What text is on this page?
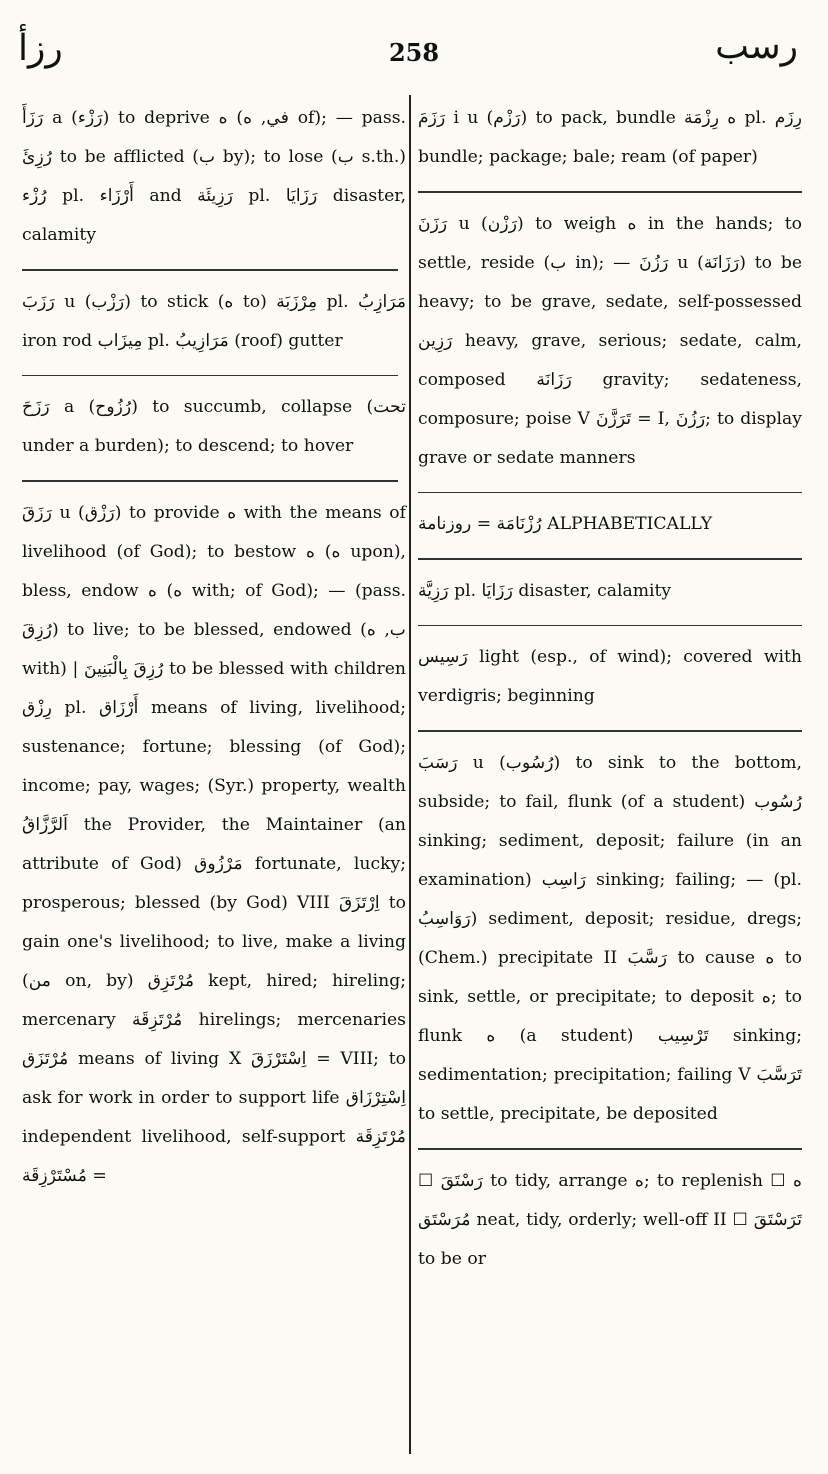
رزأ	258	رسب
رَزَأَ a (رَزْء) to deprive ه (في, ه of); — pass. رُزِئَ to be afflicted (ب by); to lose (ب s.th.) رُزْء pl. أَرْزَاء and رَزِيئَة pl. رَزَايَا disaster, calamity
رَزَبَ u (رَزْب) to stick (ه to) مِرْزَبَة pl. مَرَازِبُ iron rod مِيزَاب pl. مَرَازِيبُ (roof) gutter
رَزَحَ a (رُزُوح) to succumb, collapse (تحت under a burden); to descend; to hover
رَزَقَ u (رَزْق) to provide ه with the means of livelihood (of God); to bestow ه (ه upon), bless, endow ه (ه with; of God); — (pass. رُزِقَ) to live; to be blessed, endowed (ب, ه with) | رُزِقَ بِالْبَنِينَ to be blessed with children رِزْق pl. أَرْزَاق means of living, livelihood; sustenance; fortune; blessing (of God); income; pay, wages; (Syr.) property, wealth اَلرَّزَّاقُ the Provider, the Maintainer (an attribute of God) مَرْزُوق fortunate, lucky; prosperous; blessed (by God) VIII اِرْتَزَقَ to gain one's livelihood; to live, make a living (من on, by) مُرْتَزِق kept, hired; hireling; mercenary مُرْتَزِقَة hirelings; mercenaries مُرْتَزَق means of living X اِسْتَرْزَقَ = VIII; to ask for work in order to support life اِسْتِرْزَاق independent livelihood, self-support مُرْتَزِقَة = مُسْتَرْزِقَة
رَزَمَ i u (رَزْم) to pack, bundle ه رِزْمَة pl. رِزَم bundle; package; bale; ream (of paper)
رَزَنَ u (رَزْن) to weigh ه in the hands; to settle, reside (ب in); — رَزُنَ u (رَزَانَة) to be heavy; to be grave, sedate, self-possessed رَزِين heavy, grave, serious; sedate, calm, composed رَزَانَة gravity; sedateness, composure; poise V تَرَزَّنَ = I, رَزُنَ; to display grave or sedate manners
رُزْنَامَة = روزنامة ALPHABETICALLY
رَزِيَّة pl. رَزَايَا disaster, calamity
رَسِيس light (esp., of wind); covered with verdigris; beginning
رَسَبَ u (رُسُوب) to sink to the bottom, subside; to fail, flunk (of a student) رُسُوب sinking; sediment, deposit; failure (in an examination) رَاسِب sinking; failing; — (pl. رَوَاسِبُ) sediment, deposit; residue, dregs; (Chem.) precipitate II رَسَّبَ to cause ه to sink, settle, or precipitate; to deposit ه; to flunk ه (a student) تَرْسِيب sinking; sedimentation; precipitation; failing V تَرَسَّبَ to settle, precipitate, be deposited
☐ رَسْتَقَ to tidy, arrange ه; to replenish ه ☐ مُرَسْتَق neat, tidy, orderly; well-off II ☐ تَرَسْتَقَ to be or
